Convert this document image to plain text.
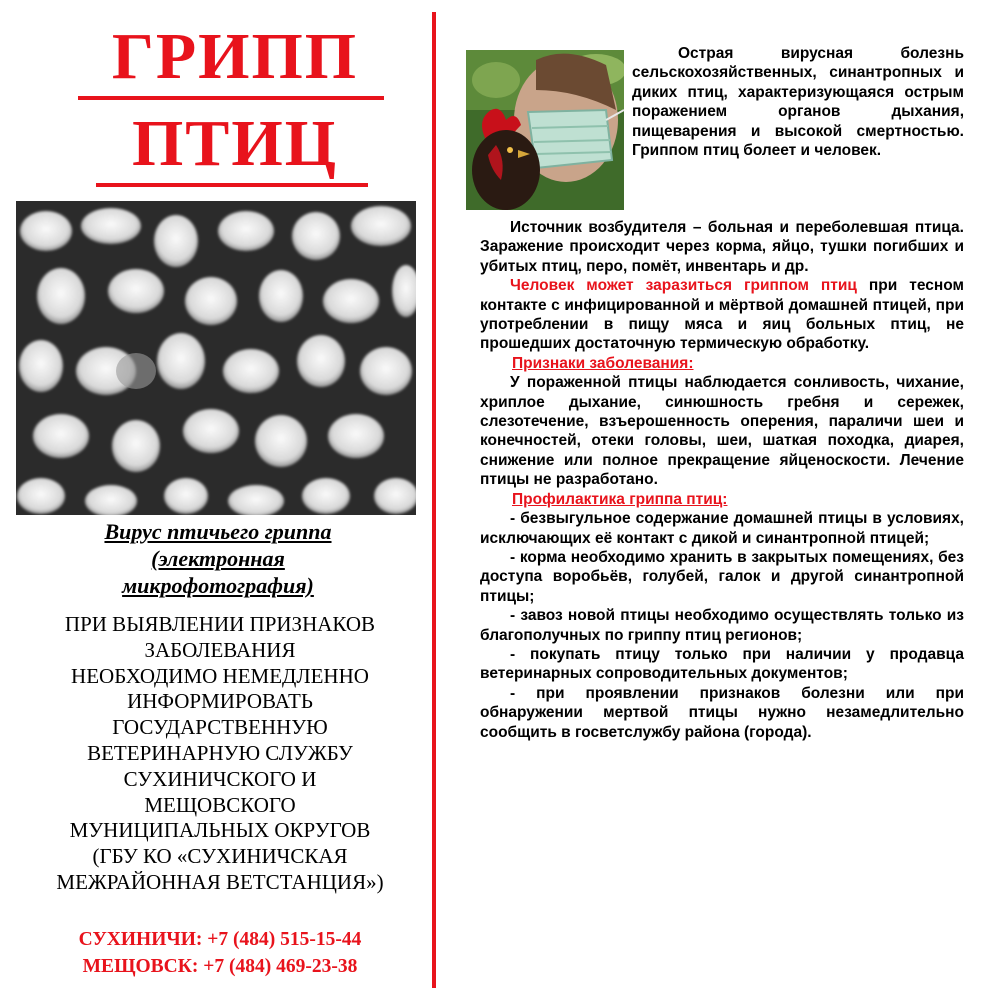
ГРИПП
ПТИЦ
Вирус птичьего гриппа
(электронная
микрофотография)
ПРИ ВЫЯВЛЕНИИ ПРИЗНАКОВ
ЗАБОЛЕВАНИЯ
НЕОБХОДИМО НЕМЕДЛЕННО
ИНФОРМИРОВАТЬ
ГОСУДАРСТВЕННУЮ
ВЕТЕРИНАРНУЮ СЛУЖБУ
СУХИНИЧСКОГО И
МЕЩОВСКОГО
МУНИЦИПАЛЬНЫХ ОКРУГОВ
(ГБУ КО «СУХИНИЧСКАЯ
МЕЖРАЙОННАЯ ВЕТСТАНЦИЯ»)
СУХИНИЧИ: +7 (484) 515-15-44
МЕЩОВСК: +7 (484) 469-23-38
Острая вирусная болезнь сельскохозяйственных, синантропных и диких птиц, характеризующаяся острым поражением органов дыхания, пищеварения и высокой смертностью. Гриппом птиц болеет и человек.

Источник возбудителя – больная и переболевшая птица. Заражение происходит через корма, яйцо, тушки погибших и убитых птиц, перо, помёт, инвентарь и др.

Человек может заразиться гриппом птиц при тесном контакте с инфицированной и мёртвой домашней птицей, при употреблении в пищу мяса и яиц больных птиц, не прошедших достаточную термическую обработку.

Признаки заболевания:

У пораженной птицы наблюдается сонливость, чихание, хриплое дыхание, синюшность гребня и сережек, слезотечение, взъерошенность оперения, параличи шеи и конечностей, отеки головы, шеи, шаткая походка, диарея, снижение или полное прекращение яйценоскости. Лечение птицы не разработано.

Профилактика гриппа птиц:

- безвыгульное содержание домашней птицы в условиях, исключающих её контакт с дикой и синантропной птицей;

- корма необходимо хранить в закрытых помещениях, без доступа воробьёв, голубей, галок и другой синантропной птицы;

- завоз новой птицы необходимо осуществлять только из благополучных по гриппу птиц регионов;

- покупать птицу только при наличии у продавца ветеринарных сопроводительных документов;

- при проявлении признаков болезни или при обнаружении мертвой птицы нужно незамедлительно сообщить в госветслужбу района (города).
